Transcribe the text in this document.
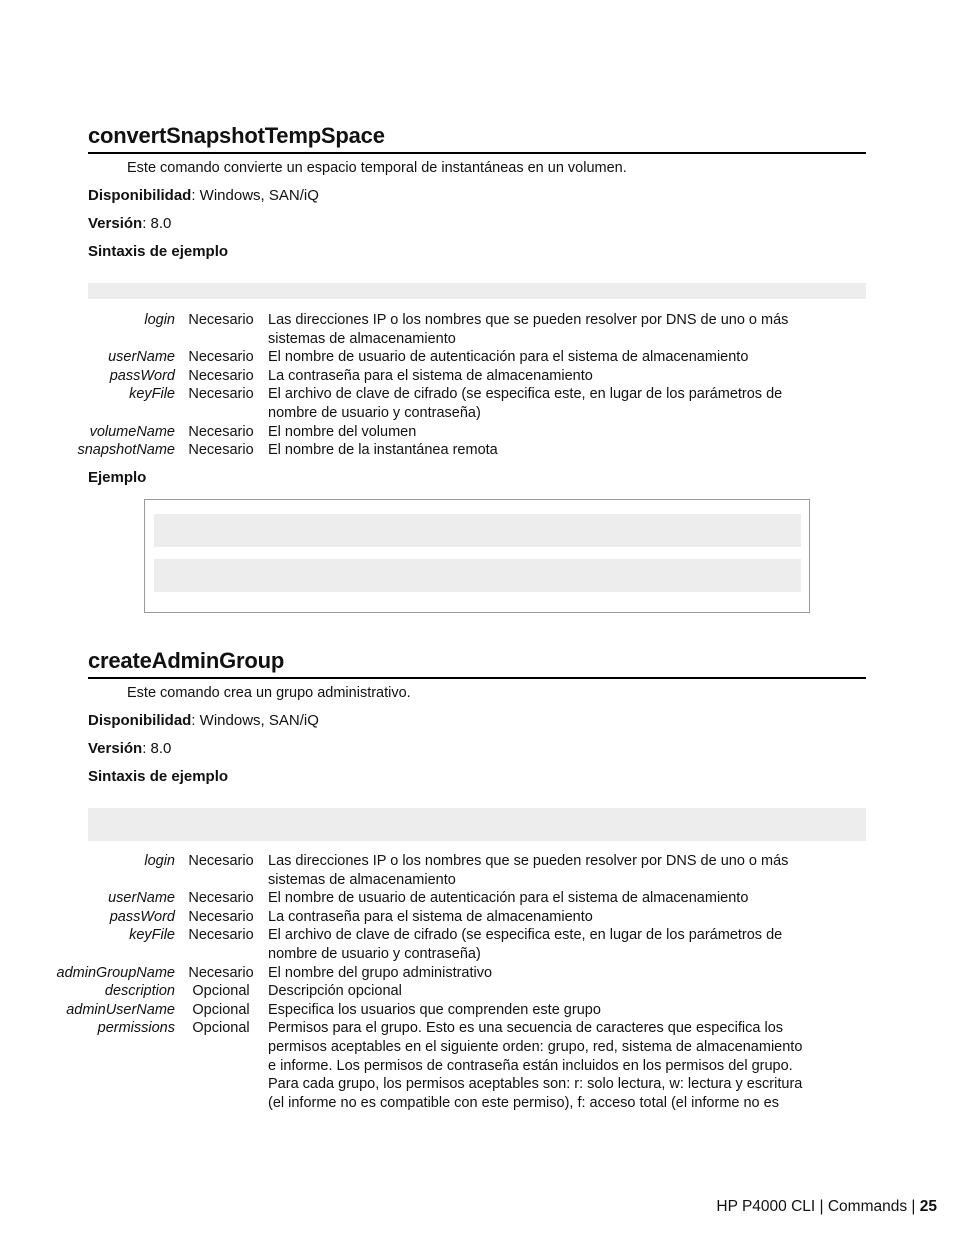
convertSnapshotTempSpace
Este comando convierte un espacio temporal de instantáneas en un volumen.
Disponibilidad: Windows, SAN/iQ
Versión: 8.0
Sintaxis de ejemplo
login	Necesario	Las direcciones IP o los nombres que se pueden resolver por DNS de uno o más
sistemas de almacenamiento

userName	Necesario	El nombre de usuario de autenticación para el sistema de almacenamiento

passWord	Necesario	La contraseña para el sistema de almacenamiento

keyFile	Necesario	El archivo de clave de cifrado (se especifica este, en lugar de los parámetros de
nombre de usuario y contraseña)

volumeName	Necesario	El nombre del volumen

snapshotName	Necesario	El nombre de la instantánea remota
Ejemplo
createAdminGroup
Este comando crea un grupo administrativo.
Disponibilidad: Windows, SAN/iQ
Versión: 8.0
Sintaxis de ejemplo
login	Necesario	Las direcciones IP o los nombres que se pueden resolver por DNS de uno o más
sistemas de almacenamiento

userName	Necesario	El nombre de usuario de autenticación para el sistema de almacenamiento

passWord	Necesario	La contraseña para el sistema de almacenamiento

keyFile	Necesario	El archivo de clave de cifrado (se especifica este, en lugar de los parámetros de
nombre de usuario y contraseña)

adminGroupName	Necesario	El nombre del grupo administrativo

description	Opcional	Descripción opcional

adminUserName	Opcional	Especifica los usuarios que comprenden este grupo

permissions	Opcional	Permisos para el grupo. Esto es una secuencia de caracteres que especifica los
permisos aceptables en el siguiente orden: grupo, red, sistema de almacenamiento
e informe. Los permisos de contraseña están incluidos en los permisos del grupo.
Para cada grupo, los permisos aceptables son: r: solo lectura, w: lectura y escritura
(el informe no es compatible con este permiso), f: acceso total (el informe no es
HP P4000 CLI | Commands | 25
